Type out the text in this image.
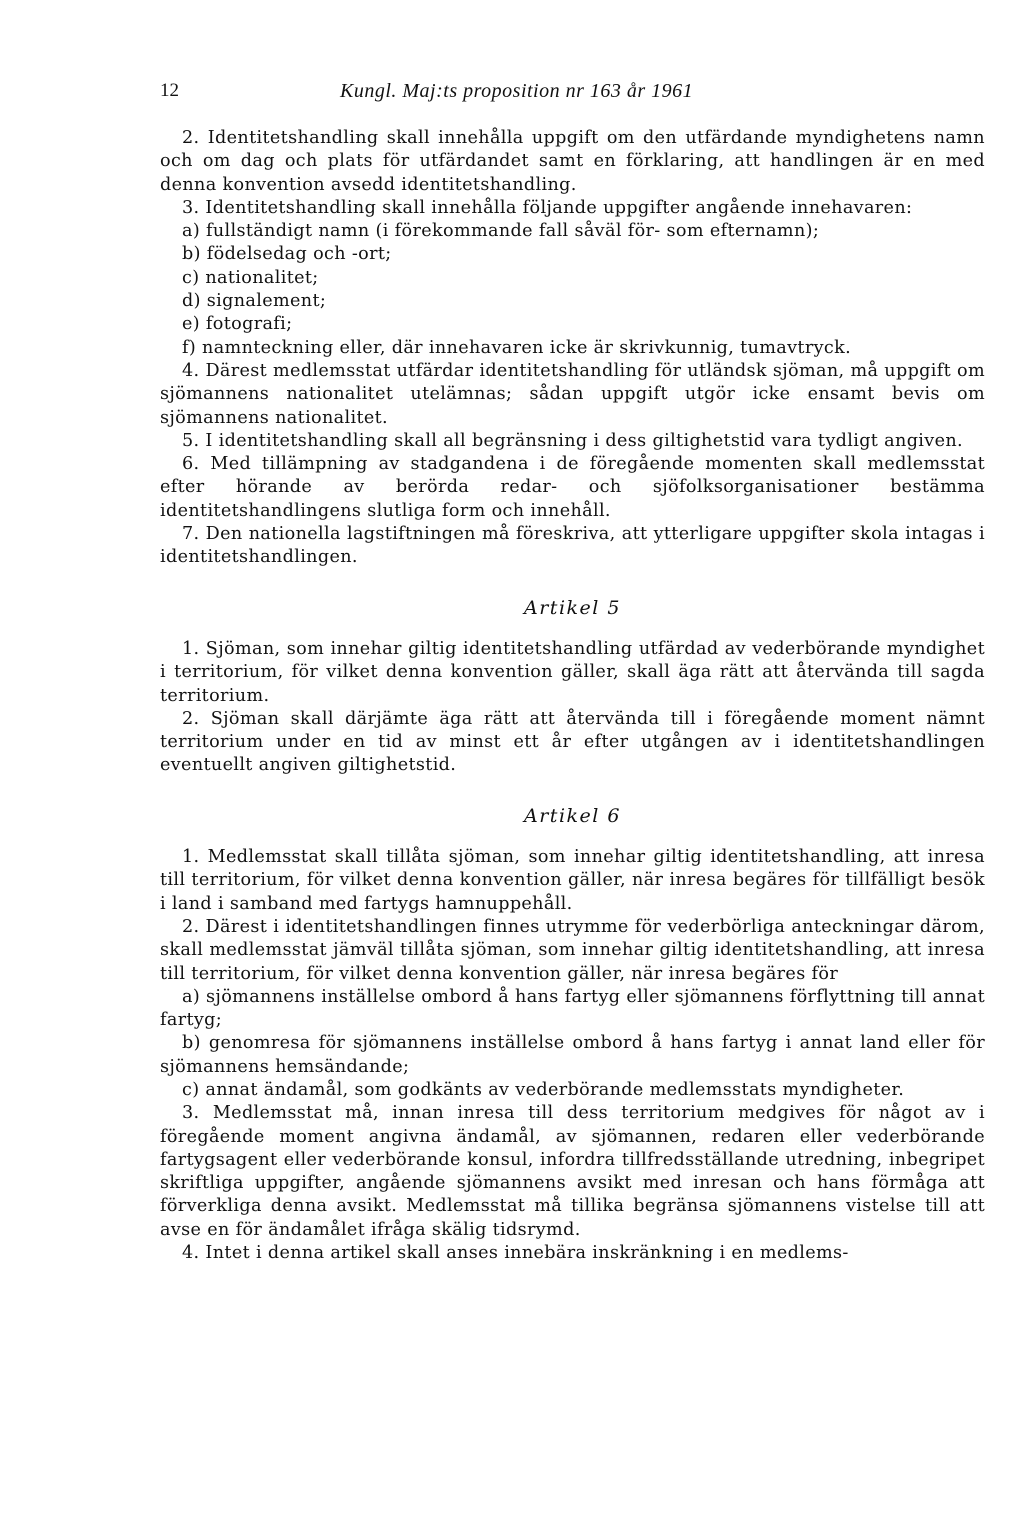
12	Kungl. Maj:ts proposition nr 163 år 1961

2. Identitetshandling skall innehålla uppgift om den utfärdande myndighetens namn och om dag och plats för utfärdandet samt en förklaring, att handlingen är en med denna konvention avsedd identitetshandling.

3. Identitetshandling skall innehålla följande uppgifter angående innehavaren:

a) fullständigt namn (i förekommande fall såväl för- som efternamn);

b) födelsedag och -ort;

c) nationalitet;

d) signalement;

e) fotografi;

f) namnteckning eller, där innehavaren icke är skrivkunnig, tumavtryck.

4. Därest medlemsstat utfärdar identitetshandling för utländsk sjöman, må uppgift om sjömannens nationalitet utelämnas; sådan uppgift utgör icke ensamt bevis om sjömannens nationalitet.

5. I identitetshandling skall all begränsning i dess giltighetstid vara tydligt angiven.

6. Med tillämpning av stadgandena i de föregående momenten skall medlemsstat efter hörande av berörda redar- och sjöfolksorganisationer bestämma identitetshandlingens slutliga form och innehåll.

7. Den nationella lagstiftningen må föreskriva, att ytterligare uppgifter skola intagas i identitetshandlingen.

Artikel 5

1. Sjöman, som innehar giltig identitetshandling utfärdad av vederbörande myndighet i territorium, för vilket denna konvention gäller, skall äga rätt att återvända till sagda territorium.

2. Sjöman skall därjämte äga rätt att återvända till i föregående moment nämnt territorium under en tid av minst ett år efter utgången av i identitetshandlingen eventuellt angiven giltighetstid.

Artikel 6

1. Medlemsstat skall tillåta sjöman, som innehar giltig identitetshandling, att inresa till territorium, för vilket denna konvention gäller, när inresa begäres för tillfälligt besök i land i samband med fartygs hamnuppehåll.

2. Därest i identitetshandlingen finnes utrymme för vederbörliga anteckningar därom, skall medlemsstat jämväl tillåta sjöman, som innehar giltig identitetshandling, att inresa till territorium, för vilket denna konvention gäller, när inresa begäres för

a) sjömannens inställelse ombord å hans fartyg eller sjömannens förflyttning till annat fartyg;

b) genomresa för sjömannens inställelse ombord å hans fartyg i annat land eller för sjömannens hemsändande;

c) annat ändamål, som godkänts av vederbörande medlemsstats myndigheter.

3. Medlemsstat må, innan inresa till dess territorium medgives för något av i föregående moment angivna ändamål, av sjömannen, redaren eller vederbörande fartygsagent eller vederbörande konsul, infordra tillfredsställande utredning, inbegripet skriftliga uppgifter, angående sjömannens avsikt med inresan och hans förmåga att förverkliga denna avsikt. Medlemsstat må tillika begränsa sjömannens vistelse till att avse en för ändamålet ifråga skälig tidsrymd.

4. Intet i denna artikel skall anses innebära inskränkning i en medlems-
